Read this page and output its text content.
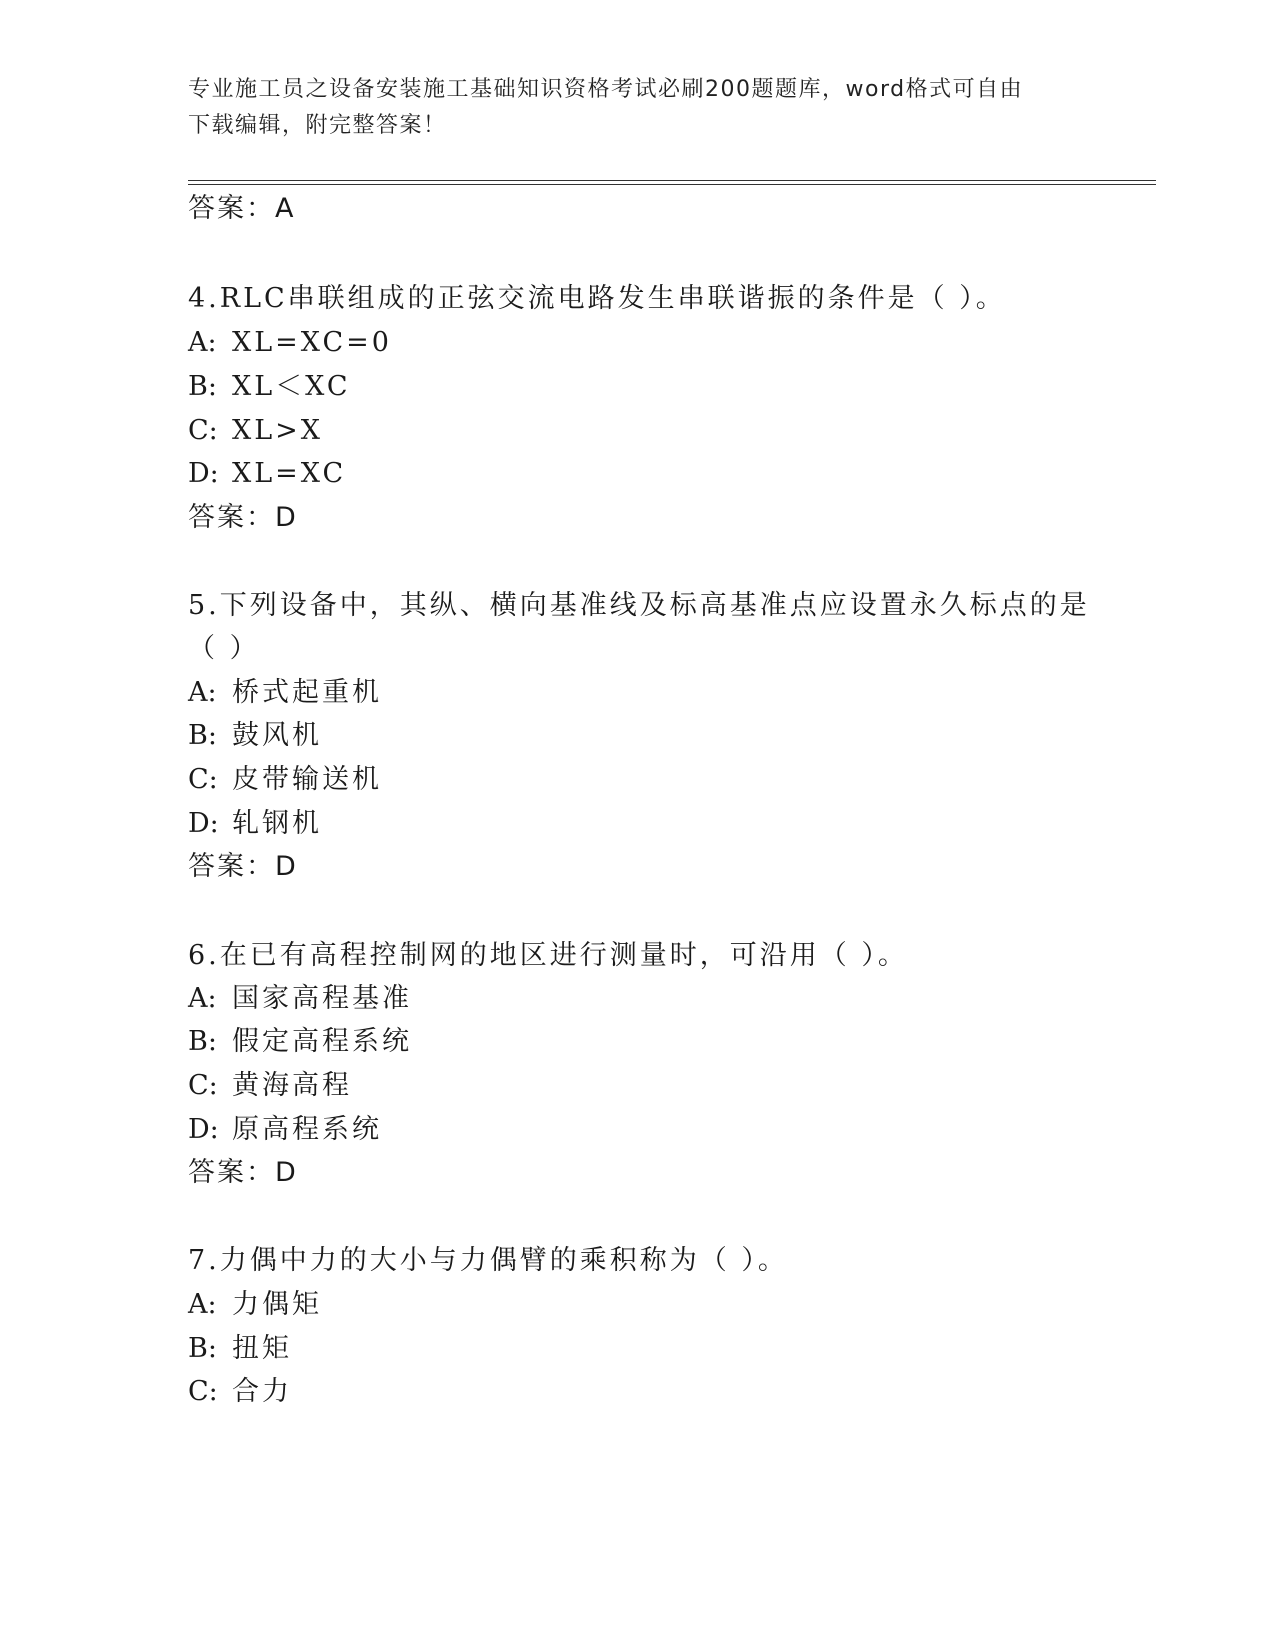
专业施工员之设备安装施工基础知识资格考试必刷200题题库，word格式可自由
下载编辑，附完整答案！
答案：A
4.RLC串联组成的正弦交流电路发生串联谐振的条件是（ ）。
A: XL=XC=0
B: XL＜XC
C: XL>X
D: XL=XC
答案：D
5.下列设备中，其纵、横向基准线及标高基准点应设置永久标点的是
（ ）
A: 桥式起重机
B: 鼓风机
C: 皮带输送机
D: 轧钢机
答案：D
6.在已有高程控制网的地区进行测量时，可沿用（ ）。
A: 国家高程基准
B: 假定高程系统
C: 黄海高程
D: 原高程系统
答案：D
7.力偶中力的大小与力偶臂的乘积称为（ ）。
A: 力偶矩
B: 扭矩
C: 合力
